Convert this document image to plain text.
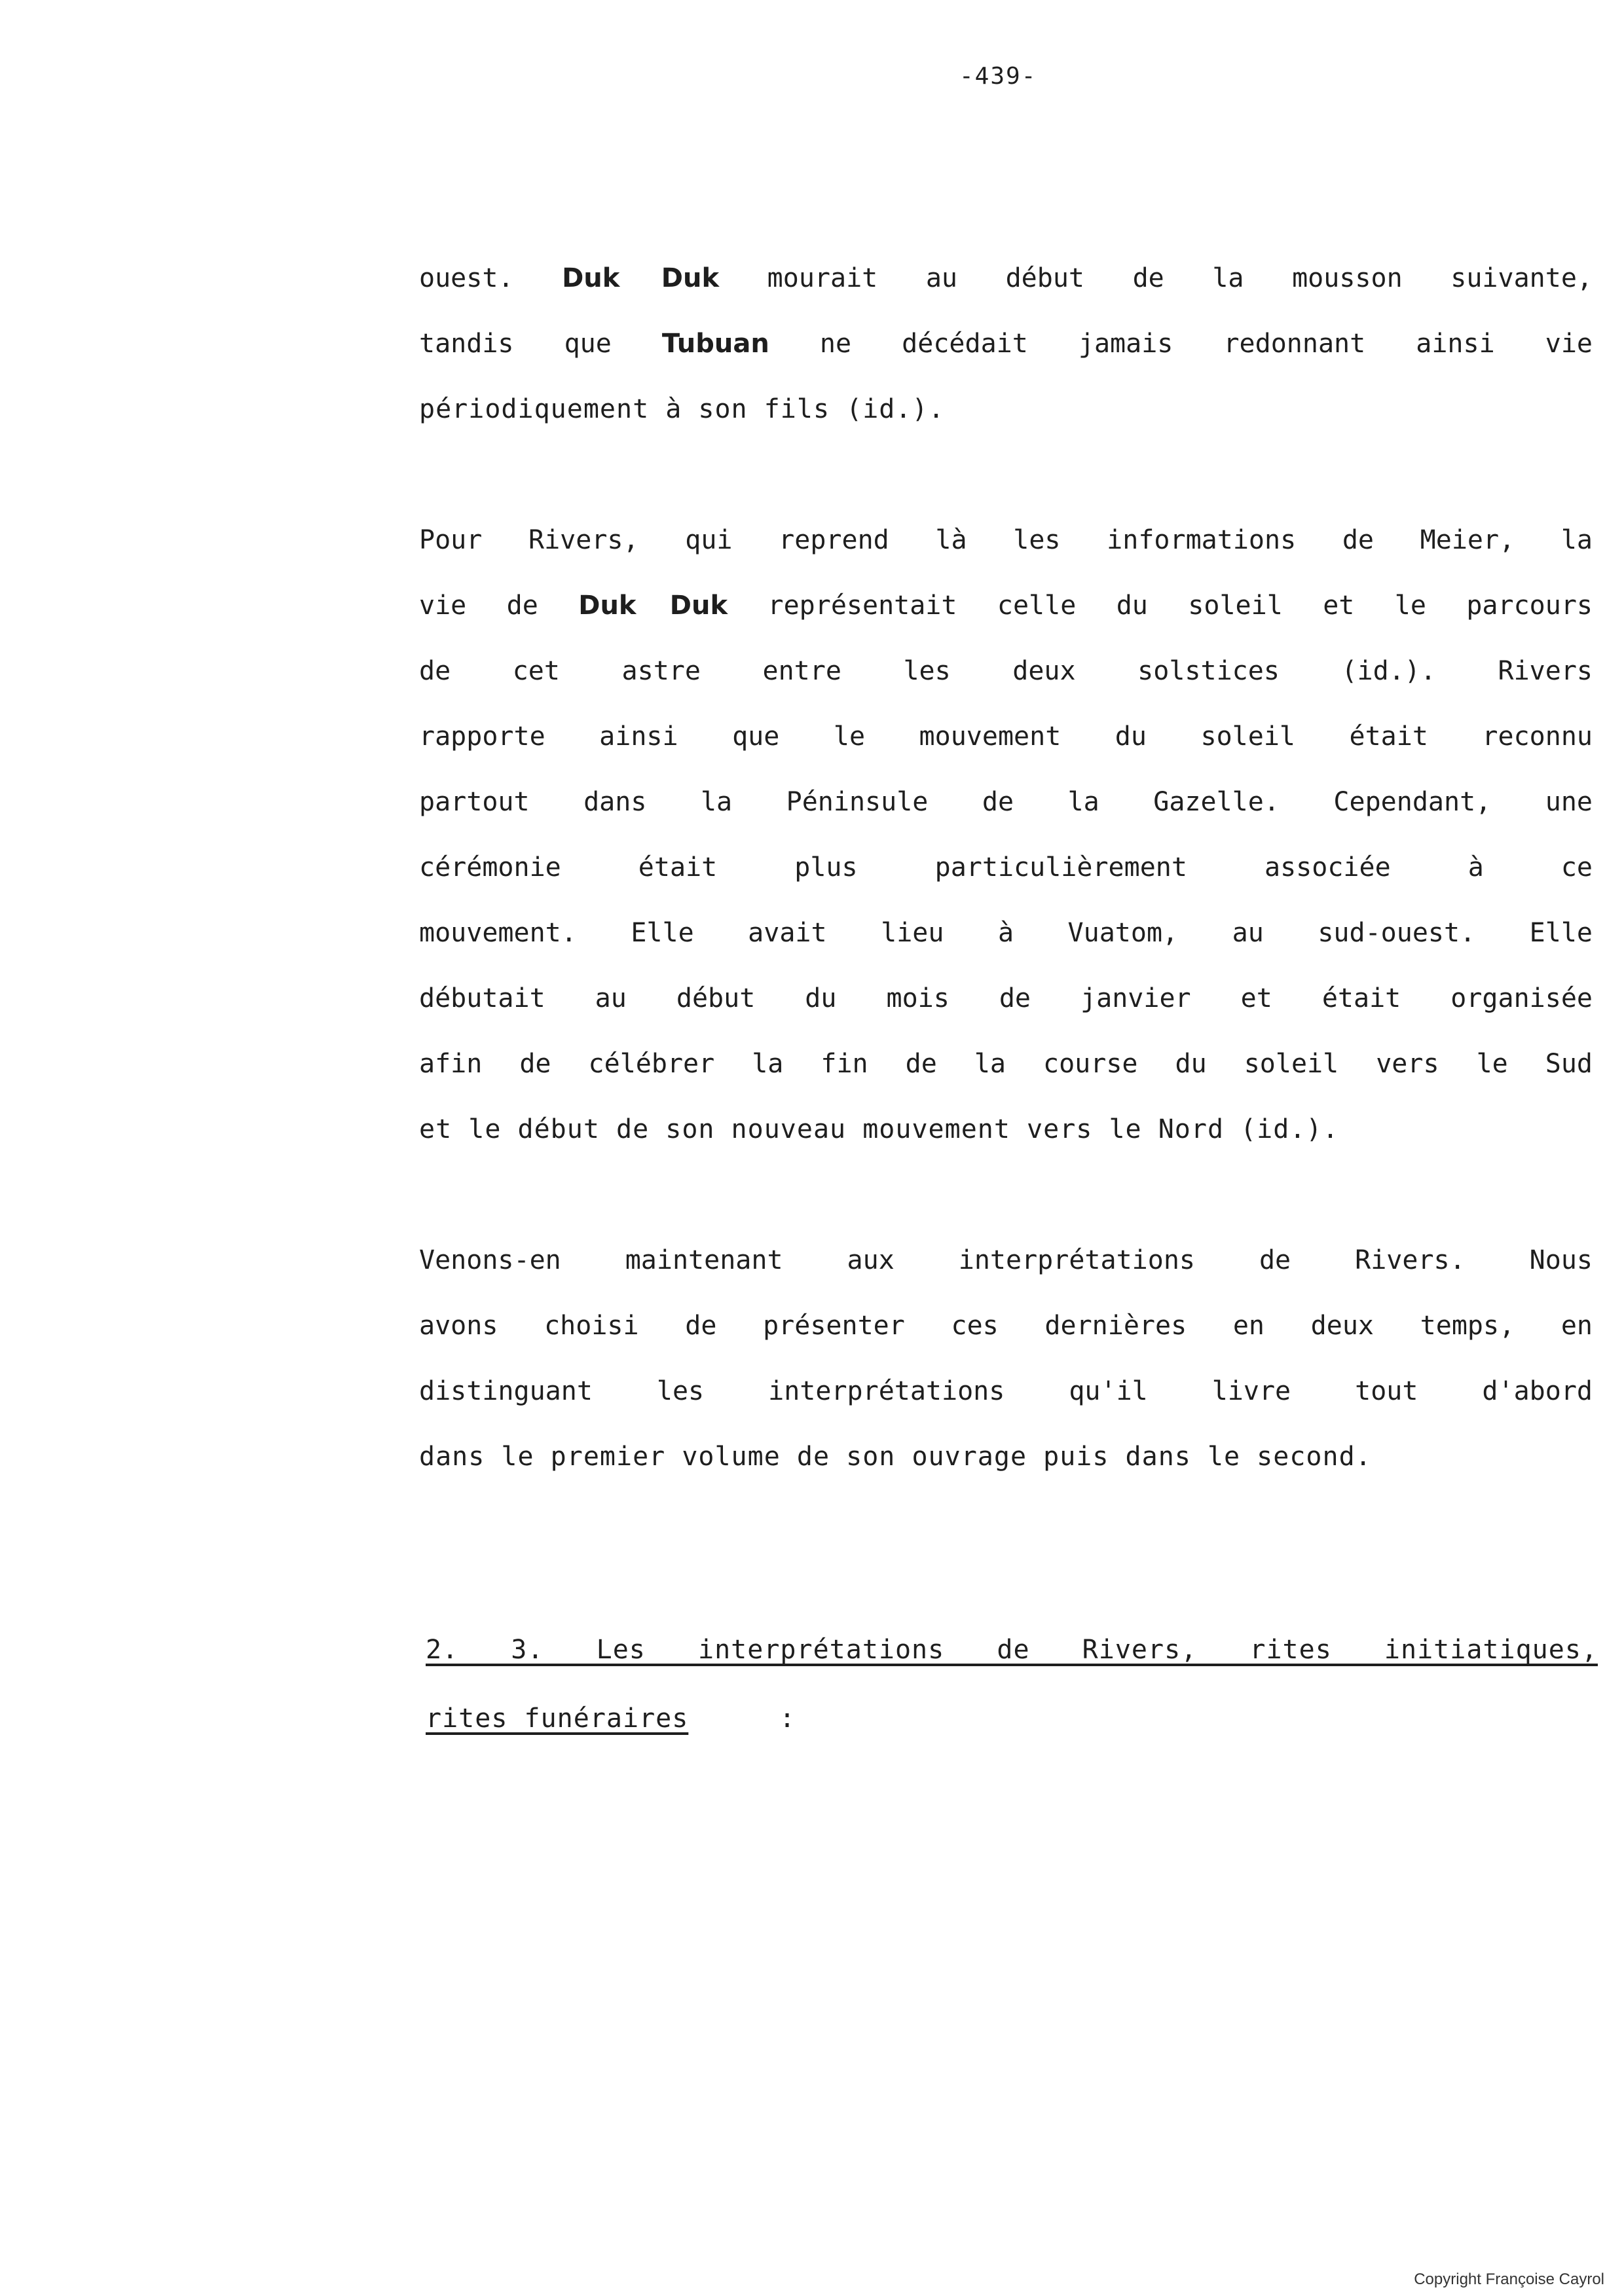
-439-
ouest. Duk Duk mourait au début de la mousson suivante,
tandis que Tubuan ne décédait jamais redonnant ainsi vie
périodiquement à son fils (id.).
Pour Rivers, qui reprend là les informations de Meier, la
vie de Duk Duk représentait celle du soleil et le parcours
de cet astre entre les deux solstices (id.). Rivers
rapporte ainsi que le mouvement du soleil était reconnu
partout dans la Péninsule de la Gazelle. Cependant, une
cérémonie était plus particulièrement associée à ce
mouvement. Elle avait lieu à Vuatom, au sud-ouest. Elle
débutait au début du mois de janvier et était organisée
afin de célébrer la fin de la course du soleil vers le Sud
et le début de son nouveau mouvement vers le Nord (id.).
Venons-en maintenant aux interprétations de Rivers. Nous
avons choisi de présenter ces dernières en deux temps, en
distinguant les interprétations qu'il livre tout d'abord
dans le premier volume de son ouvrage puis dans le second.
2. 3. Les interprétations de Rivers, rites initiatiques,
rites funéraires	:
Copyright Françoise Cayrol
